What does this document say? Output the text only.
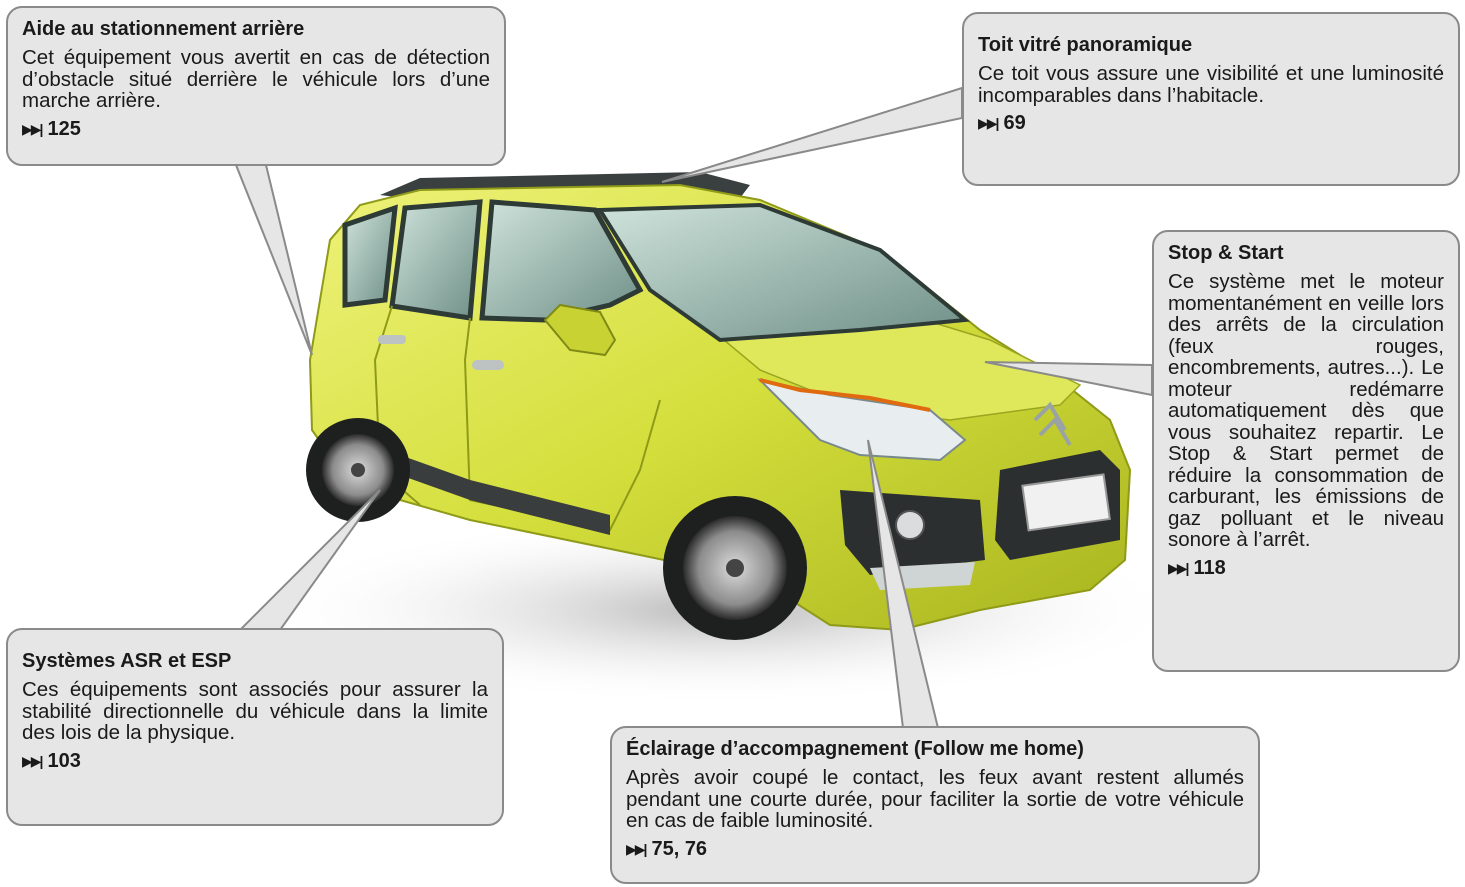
Aide au stationnement arrière

Cet équipement vous avertit en cas de détection d’obstacle situé derrière le véhicule lors d’une marche arrière.

▶▶| 125
Toit vitré panoramique

Ce toit vous assure une visibilité et une luminosité incomparables dans l’habitacle.

▶▶| 69
Stop & Start

Ce système met le moteur momentanément en veille lors des arrêts de la circulation (feux rouges, encombrements, autres...). Le moteur redémarre automatiquement dès que vous souhaitez repartir. Le Stop & Start permet de réduire la consommation de carburant, les émissions de gaz polluant et le niveau sonore à l’arrêt.

▶▶| 118
Systèmes ASR et ESP

Ces équipements sont associés pour assurer la stabilité directionnelle du véhicule dans la limite des lois de la physique.

▶▶| 103
Éclairage d’accompagnement (Follow me home)

Après avoir coupé le contact, les feux avant restent allumés pendant une courte durée, pour faciliter la sortie de votre véhicule en cas de faible luminosité.

▶▶| 75, 76
